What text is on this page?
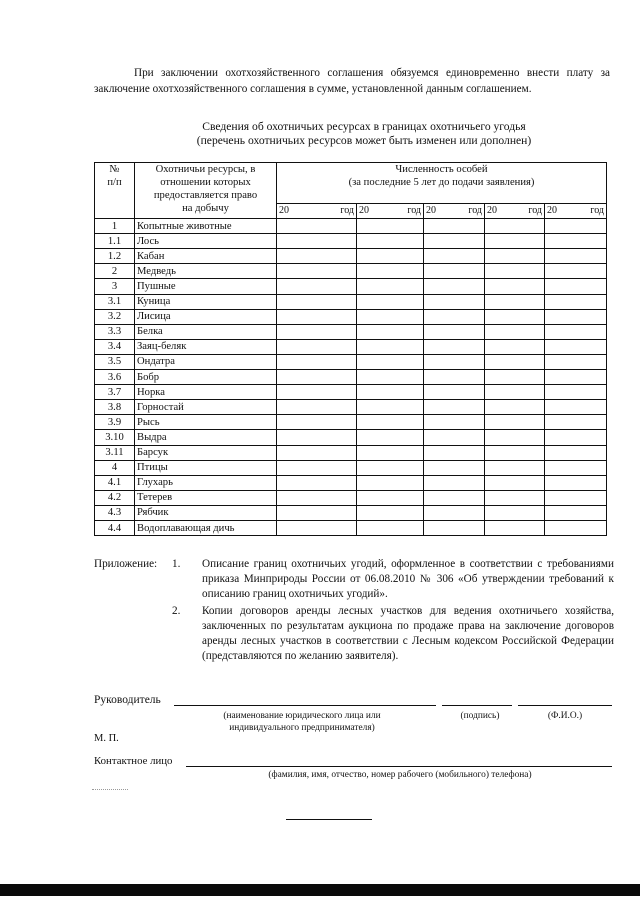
При заключении охотхозяйственного соглашения обязуемся единовременно внести плату за заключение охотхозяйственного соглашения в сумме, установленной данным соглашением.
Сведения об охотничьих ресурсах в границах охотничьего угодья
(перечень охотничьих ресурсов может быть изменен или дополнен)
№
п/п	Охотничьи ресурсы, в
отношении которых
предоставляется право
на добычу	Численность особей
(за последние 5 лет до подачи заявления)				

		20 год	20 год	20 год	20 год	20 год

1	Копытные животные					
1.1	Лось					
1.2	Кабан					
2	Медведь					
3	Пушные					
3.1	Куница					
3.2	Лисица					
3.3	Белка					
3.4	Заяц-беляк					
3.5	Ондатра					
3.6	Бобр					
3.7	Норка					
3.8	Горностай					
3.9	Рысь					
3.10	Выдра					
3.11	Барсук					
4	Птицы					
4.1	Глухарь					
4.2	Тетерев					
4.3	Рябчик					
4.4	Водоплавающая дичь					
Приложение: 1. Описание границ охотничьих угодий, оформленное в соответствии с требованиями приказа Минприроды России от 06.08.2010 № 306 «Об утверждении требований к описанию границ охотничьих угодий».
2. Копии договоров аренды лесных участков для ведения охотничьего хозяйства, заключенных по результатам аукциона по продаже права на заключение договоров аренды лесных участков в соответствии с Лесным кодексом Российской Федерации (представляются по желанию заявителя).
Руководитель
(наименование юридического лица или
индивидуального предпринимателя)
(подпись)	(Ф.И.О.)
М. П.
Контактное лицо
(фамилия, имя, отчество, номер рабочего (мобильного) телефона)
